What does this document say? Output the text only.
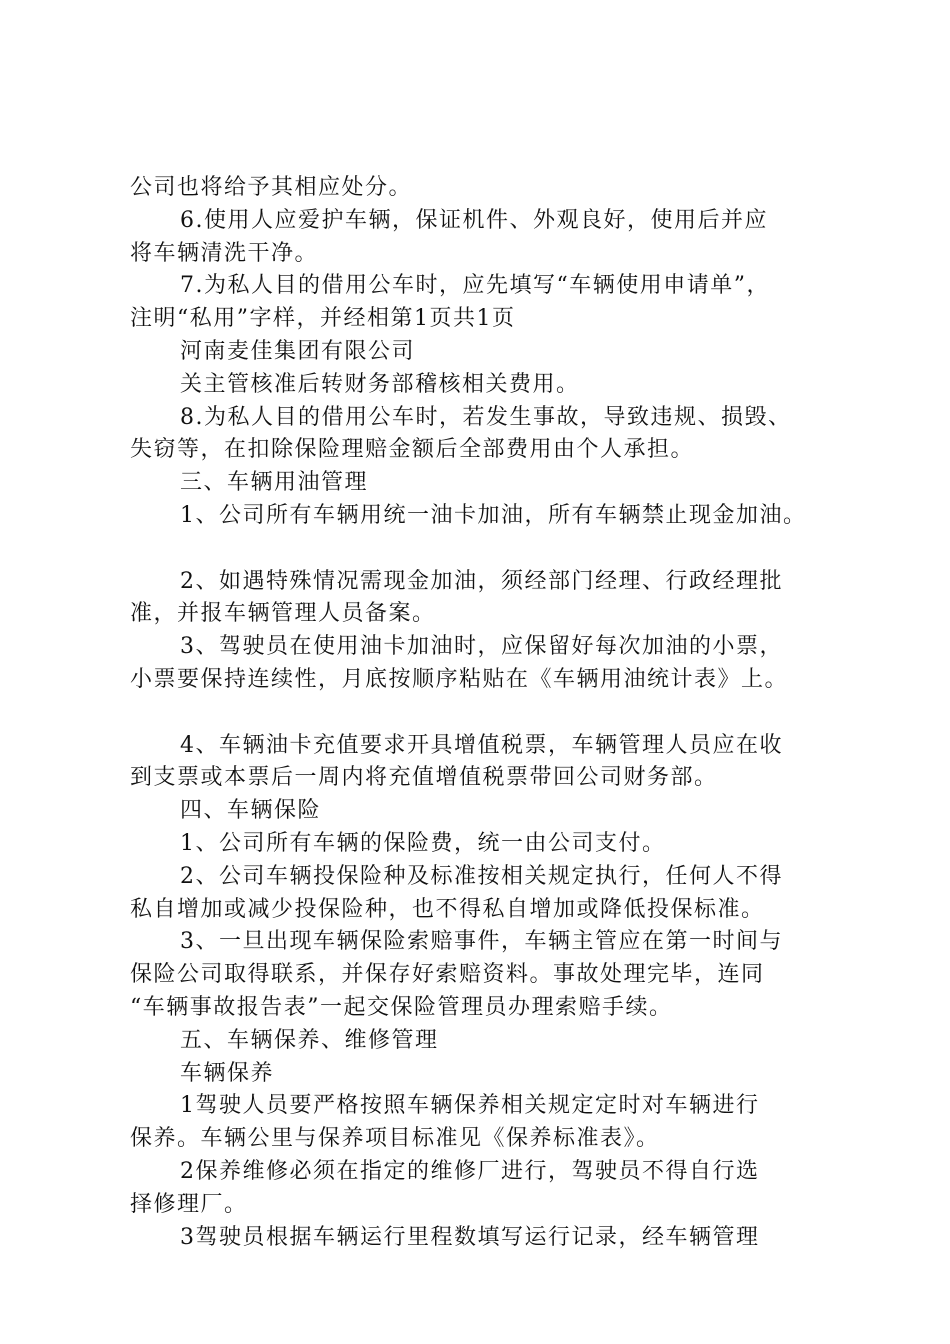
公司也将给予其相应处分。
6.使用人应爱护车辆，保证机件、外观良好，使用后并应
将车辆清洗干净。
7.为私人目的借用公车时，应先填写“车辆使用申请单”，
注明“私用”字样，并经相第1页共1页
河南麦佳集团有限公司
关主管核准后转财务部稽核相关费用。
8.为私人目的借用公车时，若发生事故，导致违规、损毁、
失窃等，在扣除保险理赔金额后全部费用由个人承担。
三、车辆用油管理
1、公司所有车辆用统一油卡加油，所有车辆禁止现金加油。
2、如遇特殊情况需现金加油，须经部门经理、行政经理批
准，并报车辆管理人员备案。
3、驾驶员在使用油卡加油时，应保留好每次加油的小票，
小票要保持连续性，月底按顺序粘贴在《车辆用油统计表》上。
4、车辆油卡充值要求开具增值税票，车辆管理人员应在收
到支票或本票后一周内将充值增值税票带回公司财务部。
四、车辆保险
1、公司所有车辆的保险费，统一由公司支付。
2、公司车辆投保险种及标准按相关规定执行，任何人不得
私自增加或减少投保险种，也不得私自增加或降低投保标准。
3、一旦出现车辆保险索赔事件，车辆主管应在第一时间与
保险公司取得联系，并保存好索赔资料。事故处理完毕，连同
“车辆事故报告表”一起交保险管理员办理索赔手续。
五、车辆保养、维修管理
车辆保养
1驾驶人员要严格按照车辆保养相关规定定时对车辆进行
保养。车辆公里与保养项目标准见《保养标准表》。
2保养维修必须在指定的维修厂进行，驾驶员不得自行选
择修理厂。
3驾驶员根据车辆运行里程数填写运行记录，经车辆管理
